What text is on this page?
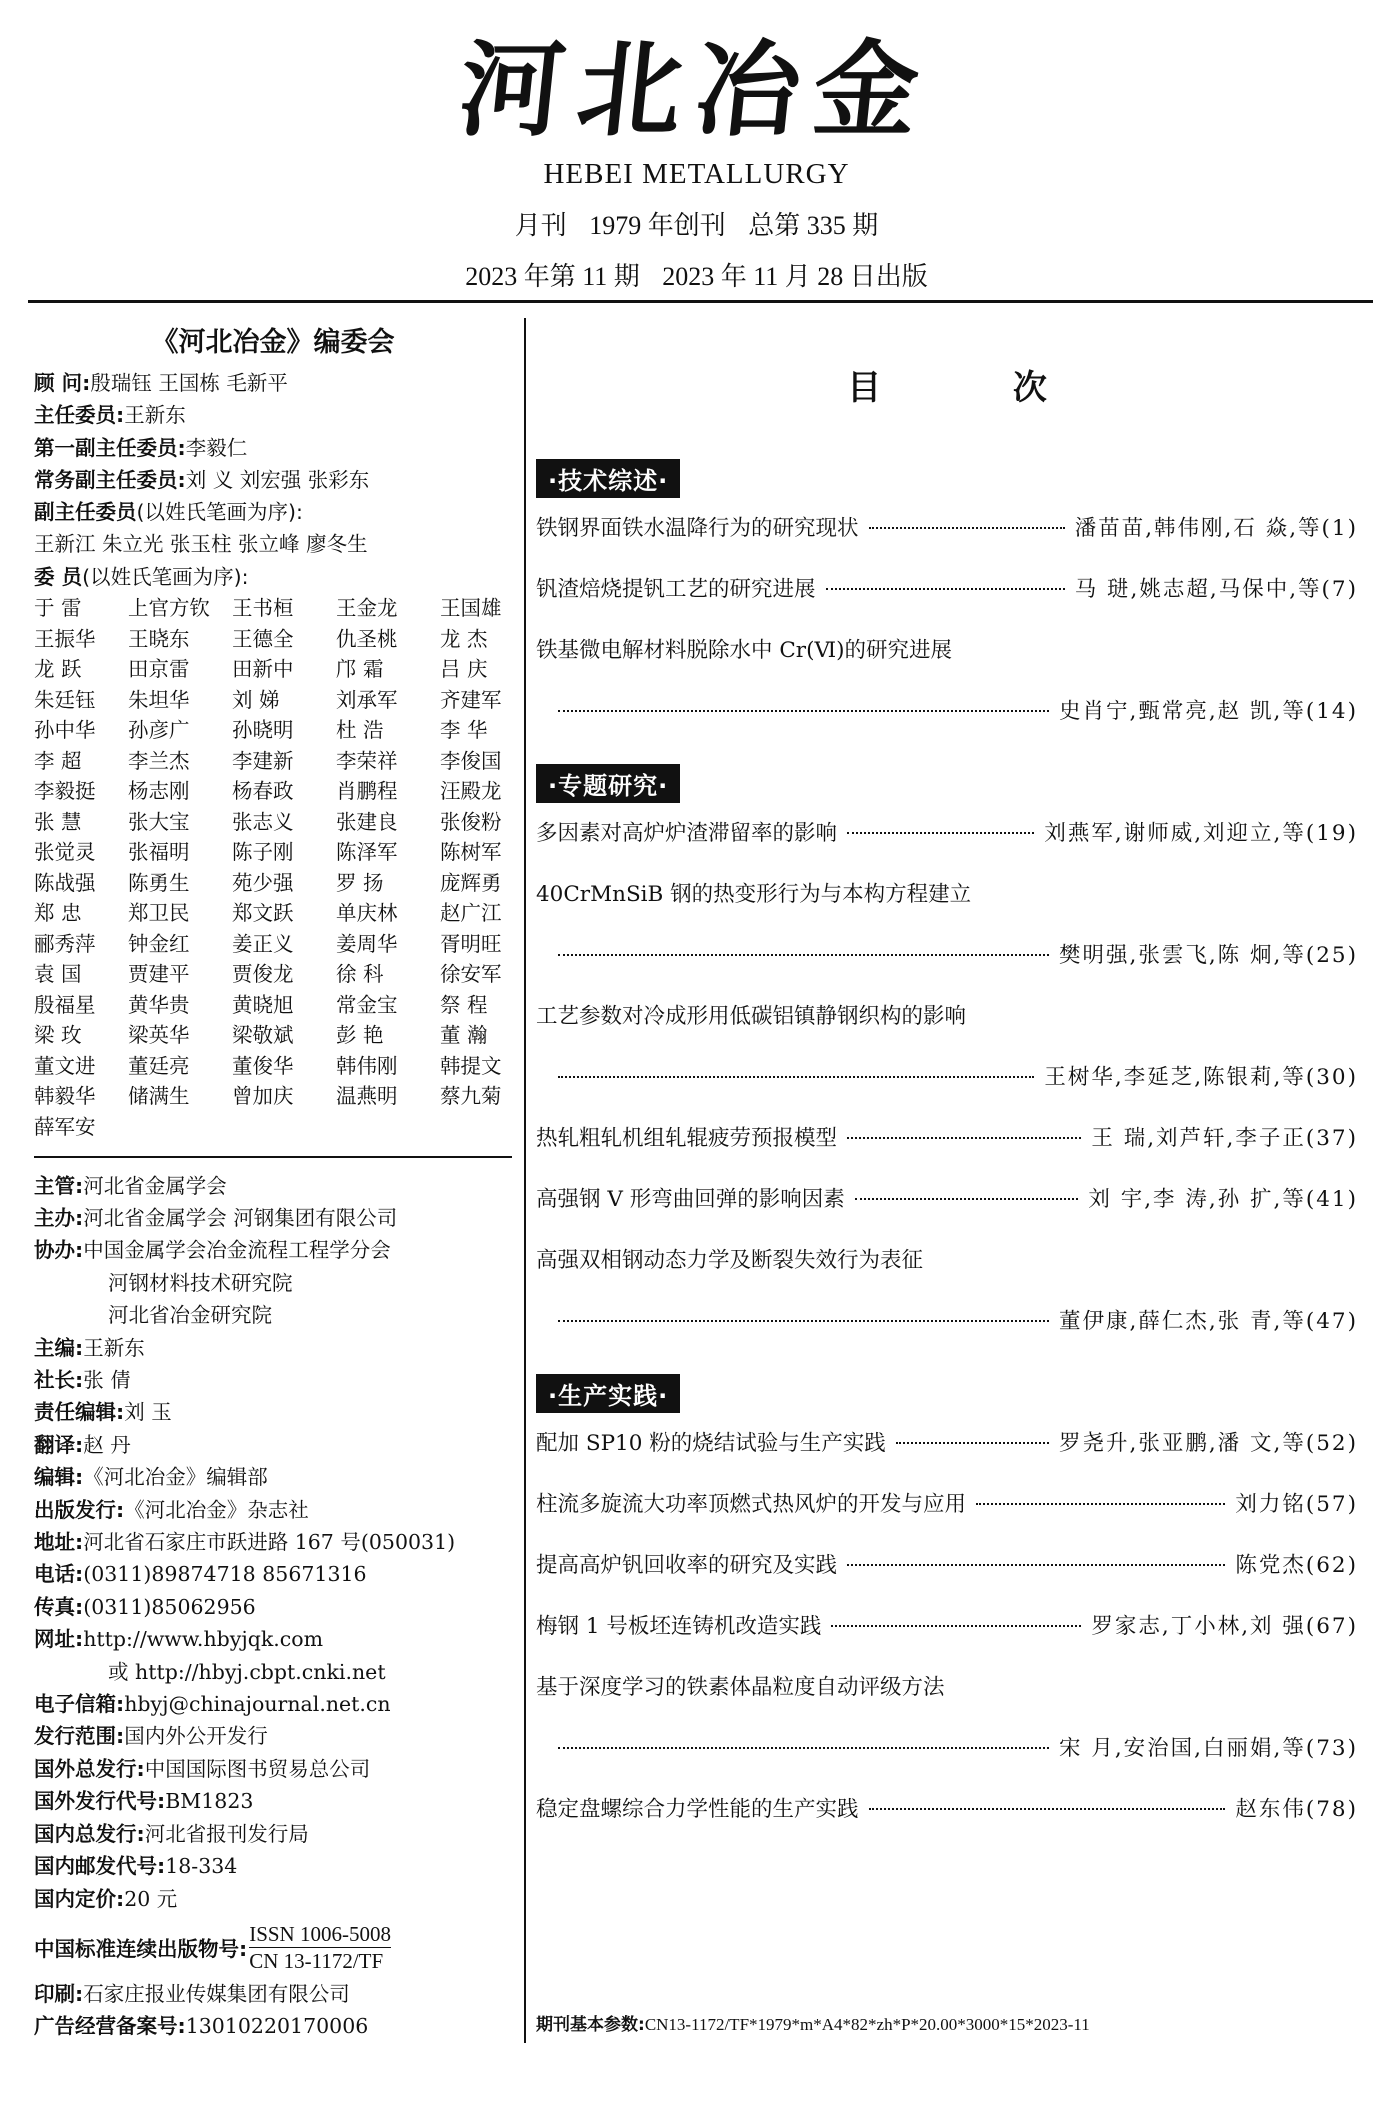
河北冶金
HEBEI METALLURGY
月刊 1979 年创刊 总第 335 期
2023 年第 11 期 2023 年 11 月 28 日出版
《河北冶金》编委会
顾 问:殷瑞钰 王国栋 毛新平
主任委员:王新东
第一副主任委员:李毅仁
常务副主任委员:刘 义 刘宏强 张彩东
副主任委员(以姓氏笔画为序):
王新江 朱立光 张玉柱 张立峰 廖冬生
委 员(以姓氏笔画为序):
于 雷	上官方钦	王书桓	王金龙	王国雄
王振华	王晓东	王德全	仇圣桃	龙 杰
龙 跃	田京雷	田新中	邝 霜	吕 庆
朱廷钰	朱坦华	刘 娣	刘承军	齐建军
孙中华	孙彦广	孙晓明	杜 浩	李 华
李 超	李兰杰	李建新	李荣祥	李俊国
李毅挺	杨志刚	杨春政	肖鹏程	汪殿龙
张 慧	张大宝	张志义	张建良	张俊粉
张觉灵	张福明	陈子刚	陈泽军	陈树军
陈战强	陈勇生	苑少强	罗 扬	庞辉勇
郑 忠	郑卫民	郑文跃	单庆林	赵广江
郦秀萍	钟金红	姜正义	姜周华	胥明旺
袁 国	贾建平	贾俊龙	徐 科	徐安军
殷福星	黄华贵	黄晓旭	常金宝	祭 程
梁 玫	梁英华	梁敬斌	彭 艳	董 瀚
董文进	董廷亮	董俊华	韩伟刚	韩提文
韩毅华	储满生	曾加庆	温燕明	蔡九菊
薛军安
主管:河北省金属学会
主办:河北省金属学会 河钢集团有限公司
协办:中国金属学会冶金流程工程学分会
河钢材料技术研究院
河北省冶金研究院
主编:王新东
社长:张 倩
责任编辑:刘 玉
翻译:赵 丹
编辑:《河北冶金》编辑部
出版发行:《河北冶金》杂志社
地址:河北省石家庄市跃进路 167 号(050031)
电话:(0311)89874718 85671316
传真:(0311)85062956
网址:http://www.hbyjqk.com
或 http://hbyj.cbpt.cnki.net
电子信箱:hbyj@chinajournal.net.cn
发行范围:国内外公开发行
国外总发行:中国国际图书贸易总公司
国外发行代号:BM1823
国内总发行:河北省报刊发行局
国内邮发代号:18-334
国内定价:20 元
中国标准连续出版物号: $\frac{\text{ISSN 1006-5008}}{CN 13-1172/TF}$
印刷:石家庄报业传媒集团有限公司
广告经营备案号:13010220170006
目 次
·技术综述·
铁钢界面铁水温降行为的研究现状	潘苗苗,韩伟刚,石 焱,等(1)
钒渣焙烧提钒工艺的研究进展	马 琎,姚志超,马保中,等(7)
铁基微电解材料脱除水中 Cr(Ⅵ)的研究进展
史肖宁,甄常亮,赵 凯,等(14)
·专题研究·
多因素对高炉炉渣滞留率的影响	刘燕军,谢师威,刘迎立,等(19)
40CrMnSiB 钢的热变形行为与本构方程建立
樊明强,张雲飞,陈 炯,等(25)
工艺参数对冷成形用低碳铝镇静钢织构的影响
王树华,李延芝,陈银莉,等(30)
热轧粗轧机组轧辊疲劳预报模型	王 瑞,刘芦轩,李子正(37)
高强钢 V 形弯曲回弹的影响因素	刘 宇,李 涛,孙 扩,等(41)
高强双相钢动态力学及断裂失效行为表征
董伊康,薛仁杰,张 青,等(47)
·生产实践·
配加 SP10 粉的烧结试验与生产实践	罗尧升,张亚鹏,潘 文,等(52)
柱流多旋流大功率顶燃式热风炉的开发与应用	刘力铭(57)
提高高炉钒回收率的研究及实践	陈党杰(62)
梅钢 1 号板坯连铸机改造实践	罗家志,丁小林,刘 强(67)
基于深度学习的铁素体晶粒度自动评级方法
宋 月,安治国,白丽娟,等(73)
稳定盘螺综合力学性能的生产实践	赵东伟(78)
期刊基本参数:CN13-1172/TF*1979*m*A4*82*zh*P*20.00*3000*15*2023-11
